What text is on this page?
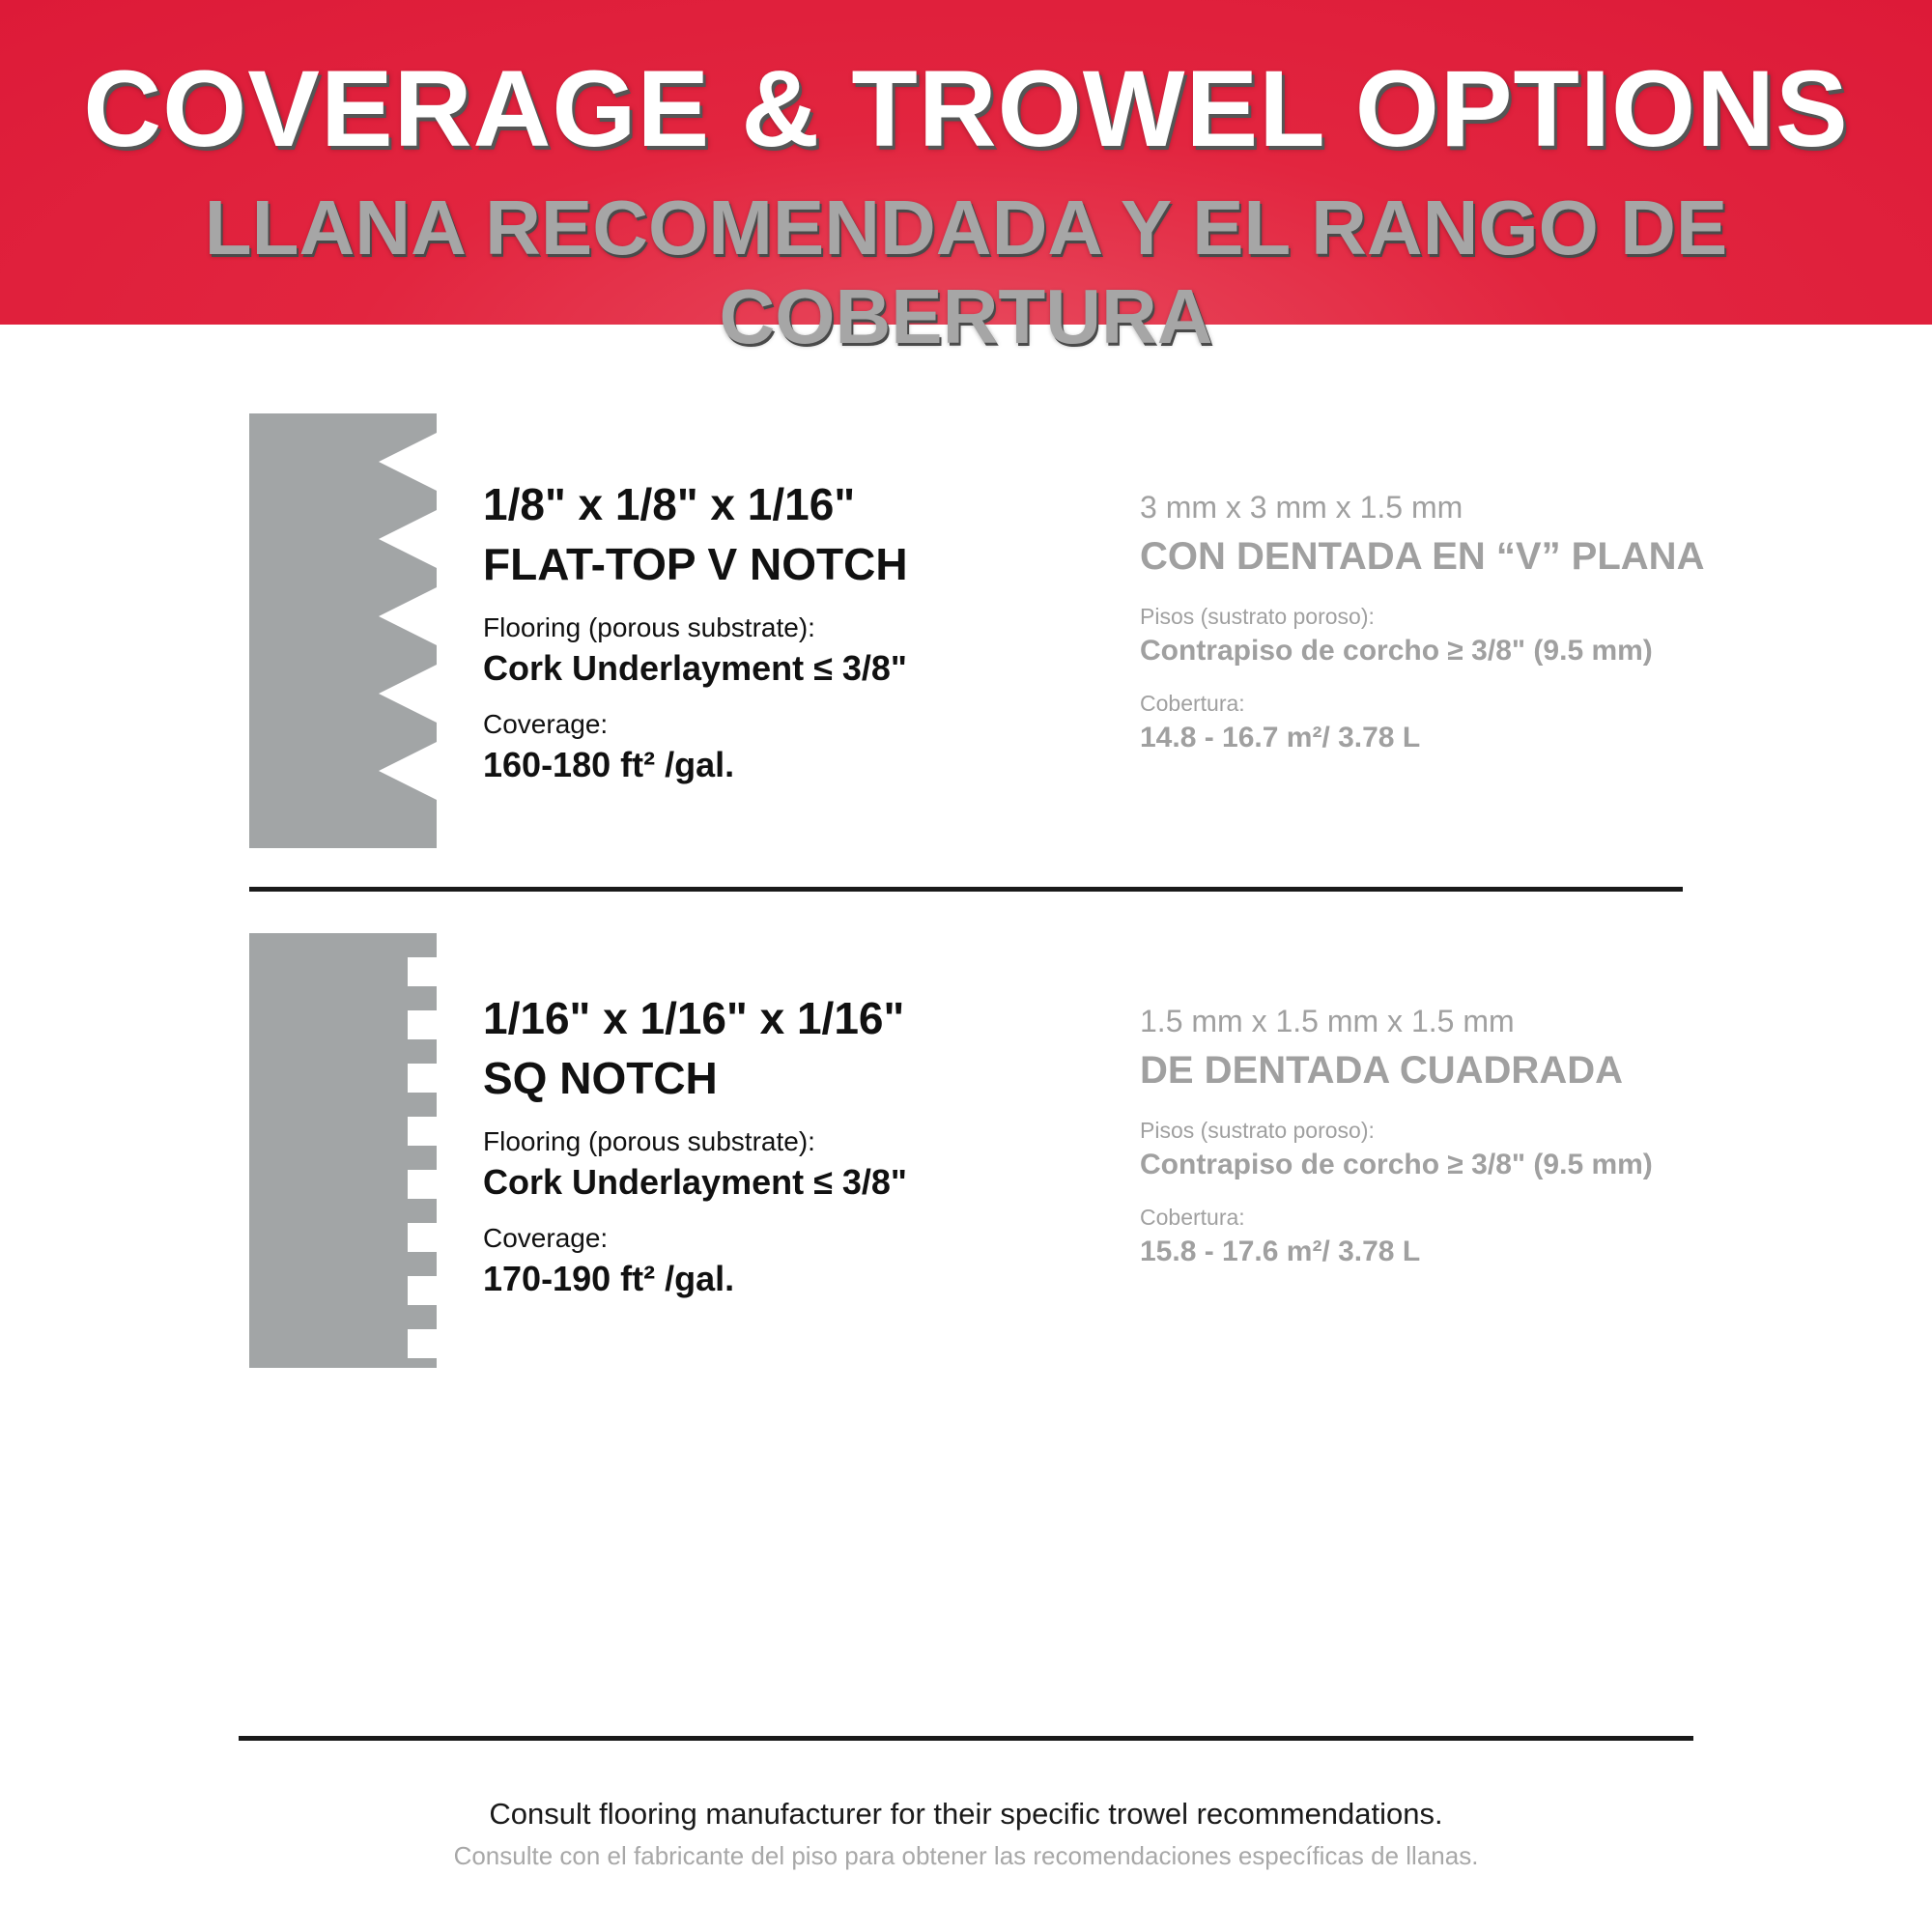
COVERAGE & TROWEL OPTIONS
LLANA RECOMENDADA Y EL RANGO DE COBERTURA
1/8" x 1/8" x 1/16"
FLAT-TOP V NOTCH
Flooring (porous substrate):
Cork Underlayment ≤ 3/8"
Coverage:
160-180 ft² /gal.
3 mm x 3 mm x 1.5 mm
CON DENTADA EN “V” PLANA
Pisos (sustrato poroso):
Contrapiso de corcho ≥ 3/8" (9.5 mm)
Cobertura:
14.8 - 16.7 m²/ 3.78 L
1/16" x 1/16" x 1/16"
SQ NOTCH
Flooring (porous substrate):
Cork Underlayment ≤ 3/8"
Coverage:
170-190 ft² /gal.
1.5 mm x 1.5 mm x 1.5 mm
DE DENTADA CUADRADA
Pisos (sustrato poroso):
Contrapiso de corcho ≥ 3/8" (9.5 mm)
Cobertura:
15.8 - 17.6 m²/ 3.78 L
Consult flooring manufacturer for their specific trowel recommendations.
Consulte con el fabricante del piso para obtener las recomendaciones específicas de llanas.
